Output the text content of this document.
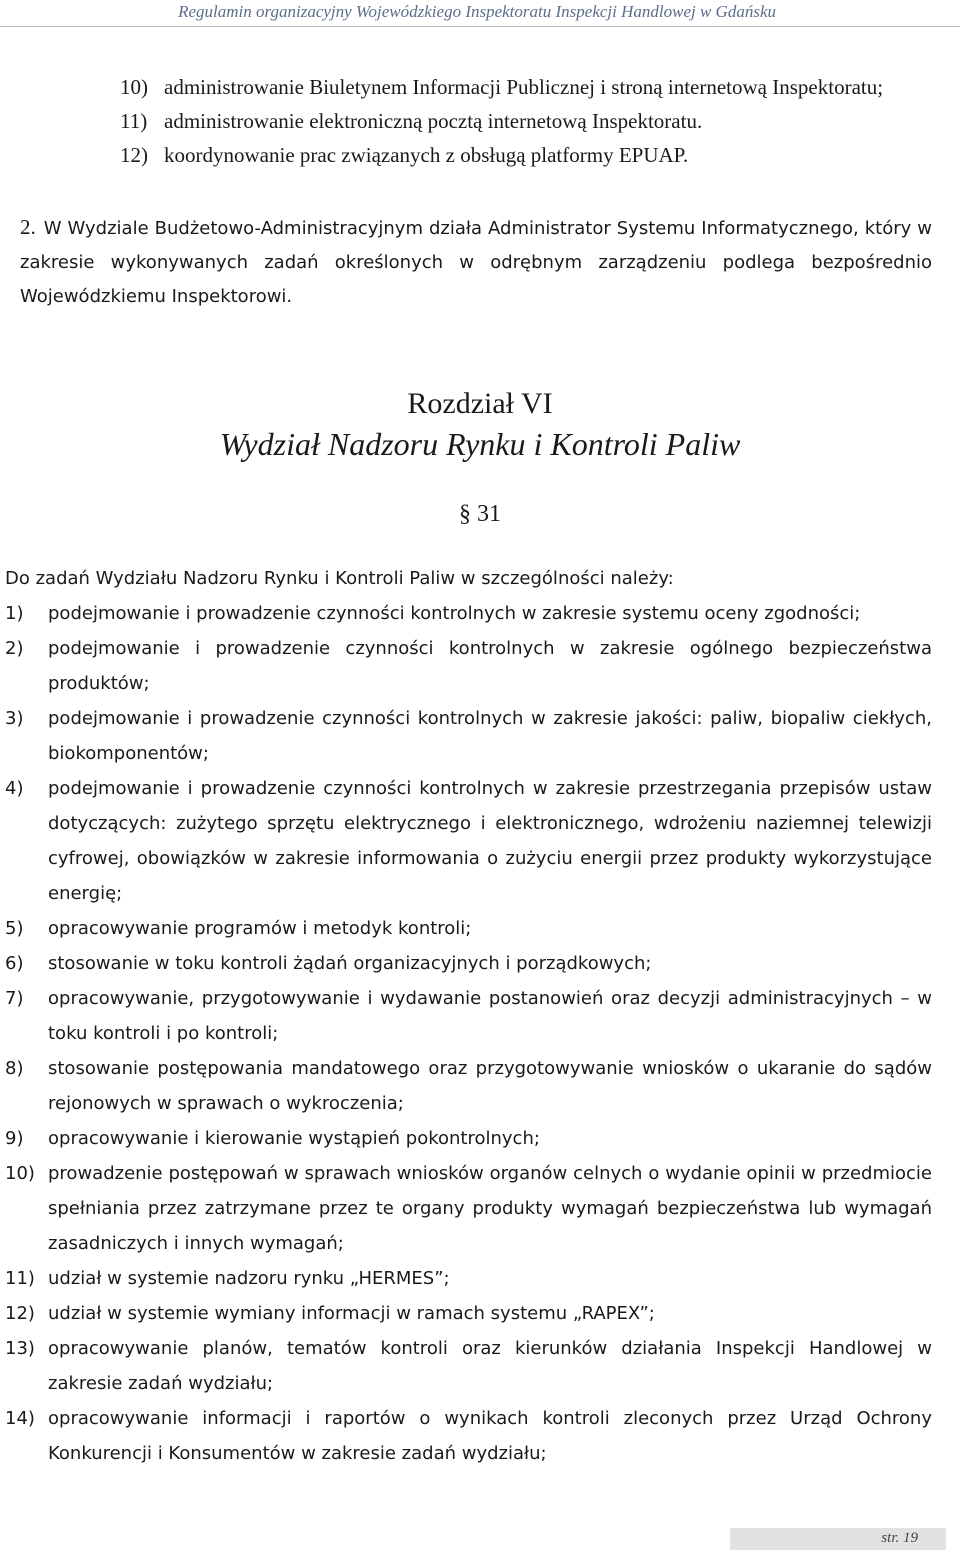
Regulamin organizacyjny Wojewódzkiego Inspektoratu Inspekcji Handlowej w Gdańsku
10) administrowanie Biuletynem Informacji Publicznej i stroną internetową Inspektoratu;
11) administrowanie elektroniczną pocztą internetową Inspektoratu.
12) koordynowanie prac związanych z obsługą platformy EPUAP.
2. W Wydziale Budżetowo-Administracyjnym działa Administrator Systemu Informatycznego, który w zakresie wykonywanych zadań określonych w odrębnym zarządzeniu podlega bezpośrednio Wojewódzkiemu Inspektorowi.
Rozdział VI
Wydział Nadzoru Rynku i Kontroli Paliw
§ 31
Do zadań Wydziału Nadzoru Rynku i Kontroli Paliw w szczególności należy:
1)	podejmowanie i prowadzenie czynności kontrolnych w zakresie systemu oceny zgodności;
2)	podejmowanie i prowadzenie czynności kontrolnych w zakresie ogólnego bezpieczeństwa produktów;
3)	podejmowanie i prowadzenie czynności kontrolnych w zakresie jakości: paliw, biopaliw ciekłych, biokomponentów;
4)	podejmowanie i prowadzenie czynności kontrolnych w zakresie przestrzegania przepisów ustaw dotyczących: zużytego sprzętu elektrycznego i elektronicznego, wdrożeniu naziemnej telewizji cyfrowej, obowiązków w zakresie informowania o zużyciu energii przez produkty wykorzystujące energię;
5)	opracowywanie programów i metodyk kontroli;
6)	stosowanie w toku kontroli żądań organizacyjnych i porządkowych;
7)	opracowywanie, przygotowywanie i wydawanie postanowień oraz decyzji administracyjnych – w toku kontroli i po kontroli;
8)	stosowanie postępowania mandatowego oraz przygotowywanie wniosków o ukaranie do sądów rejonowych w sprawach o wykroczenia;
9)	opracowywanie i kierowanie wystąpień pokontrolnych;
10) prowadzenie postępowań w sprawach wniosków organów celnych o wydanie opinii w przedmiocie spełniania przez zatrzymane przez te organy produkty wymagań bezpieczeństwa lub wymagań zasadniczych i innych wymagań;
11) udział w systemie nadzoru rynku „HERMES”;
12) udział w systemie wymiany informacji w ramach systemu „RAPEX”;
13) opracowywanie planów, tematów kontroli oraz kierunków działania Inspekcji Handlowej w zakresie zadań wydziału;
14) opracowywanie informacji i raportów o wynikach kontroli zleconych przez Urząd Ochrony Konkurencji i Konsumentów w zakresie zadań wydziału;
str. 19
